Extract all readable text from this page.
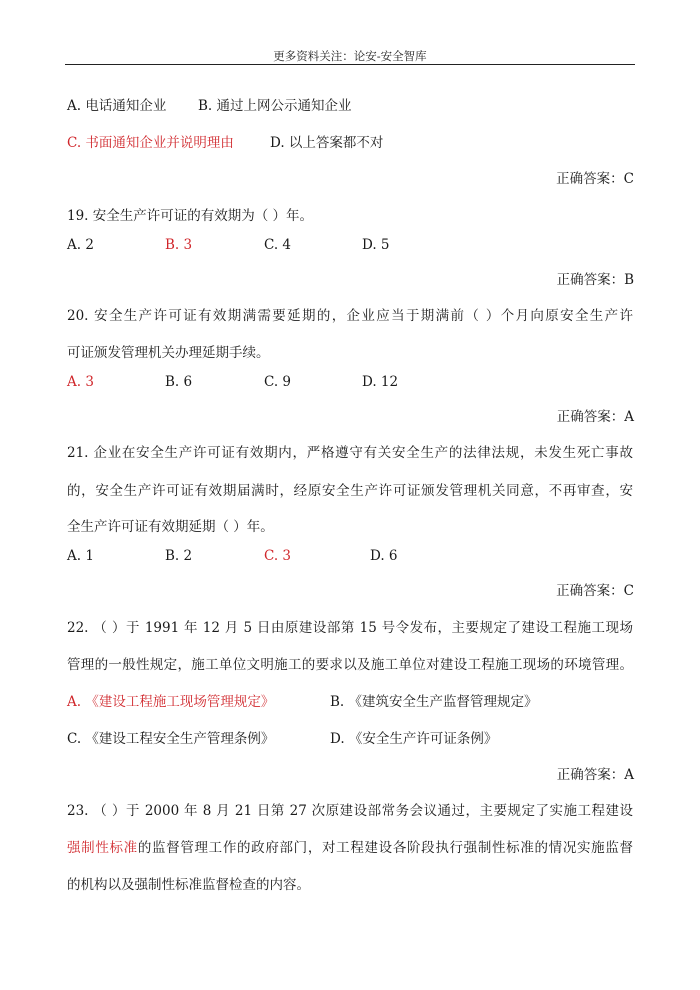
更多资料关注：论安-安全智库
A. 电话通知企业 B. 通过上网公示通知企业
C. 书面通知企业并说明理由	D. 以上答案都不对
正确答案：C
19. 安全生产许可证的有效期为（ ）年。
A. 2	B. 3	C. 4	D. 5
正确答案：B
20. 安全生产许可证有效期满需要延期的，企业应当于期满前（ ）个月向原安全生产许
可证颁发管理机关办理延期手续。
A. 3	B. 6	C. 9	D. 12
正确答案：A
21. 企业在安全生产许可证有效期内，严格遵守有关安全生产的法律法规，未发生死亡事故
的，安全生产许可证有效期届满时，经原安全生产许可证颁发管理机关同意，不再审查，安
全生产许可证有效期延期（ ）年。
A. 1	B. 2	C. 3	D. 6
正确答案：C
22. （ ）于 1991 年 12 月 5 日由原建设部第 15 号令发布，主要规定了建设工程施工现场
管理的一般性规定，施工单位文明施工的要求以及施工单位对建设工程施工现场的环境管理。
A. 《建设工程施工现场管理规定》	B. 《建筑安全生产监督管理规定》
C. 《建设工程安全生产管理条例》	D. 《安全生产许可证条例》
正确答案：A
23. （ ）于 2000 年 8 月 21 日第 27 次原建设部常务会议通过，主要规定了实施工程建设
强制性标准的监督管理工作的政府部门，对工程建设各阶段执行强制性标准的情况实施监督
的机构以及强制性标准监督检查的内容。
